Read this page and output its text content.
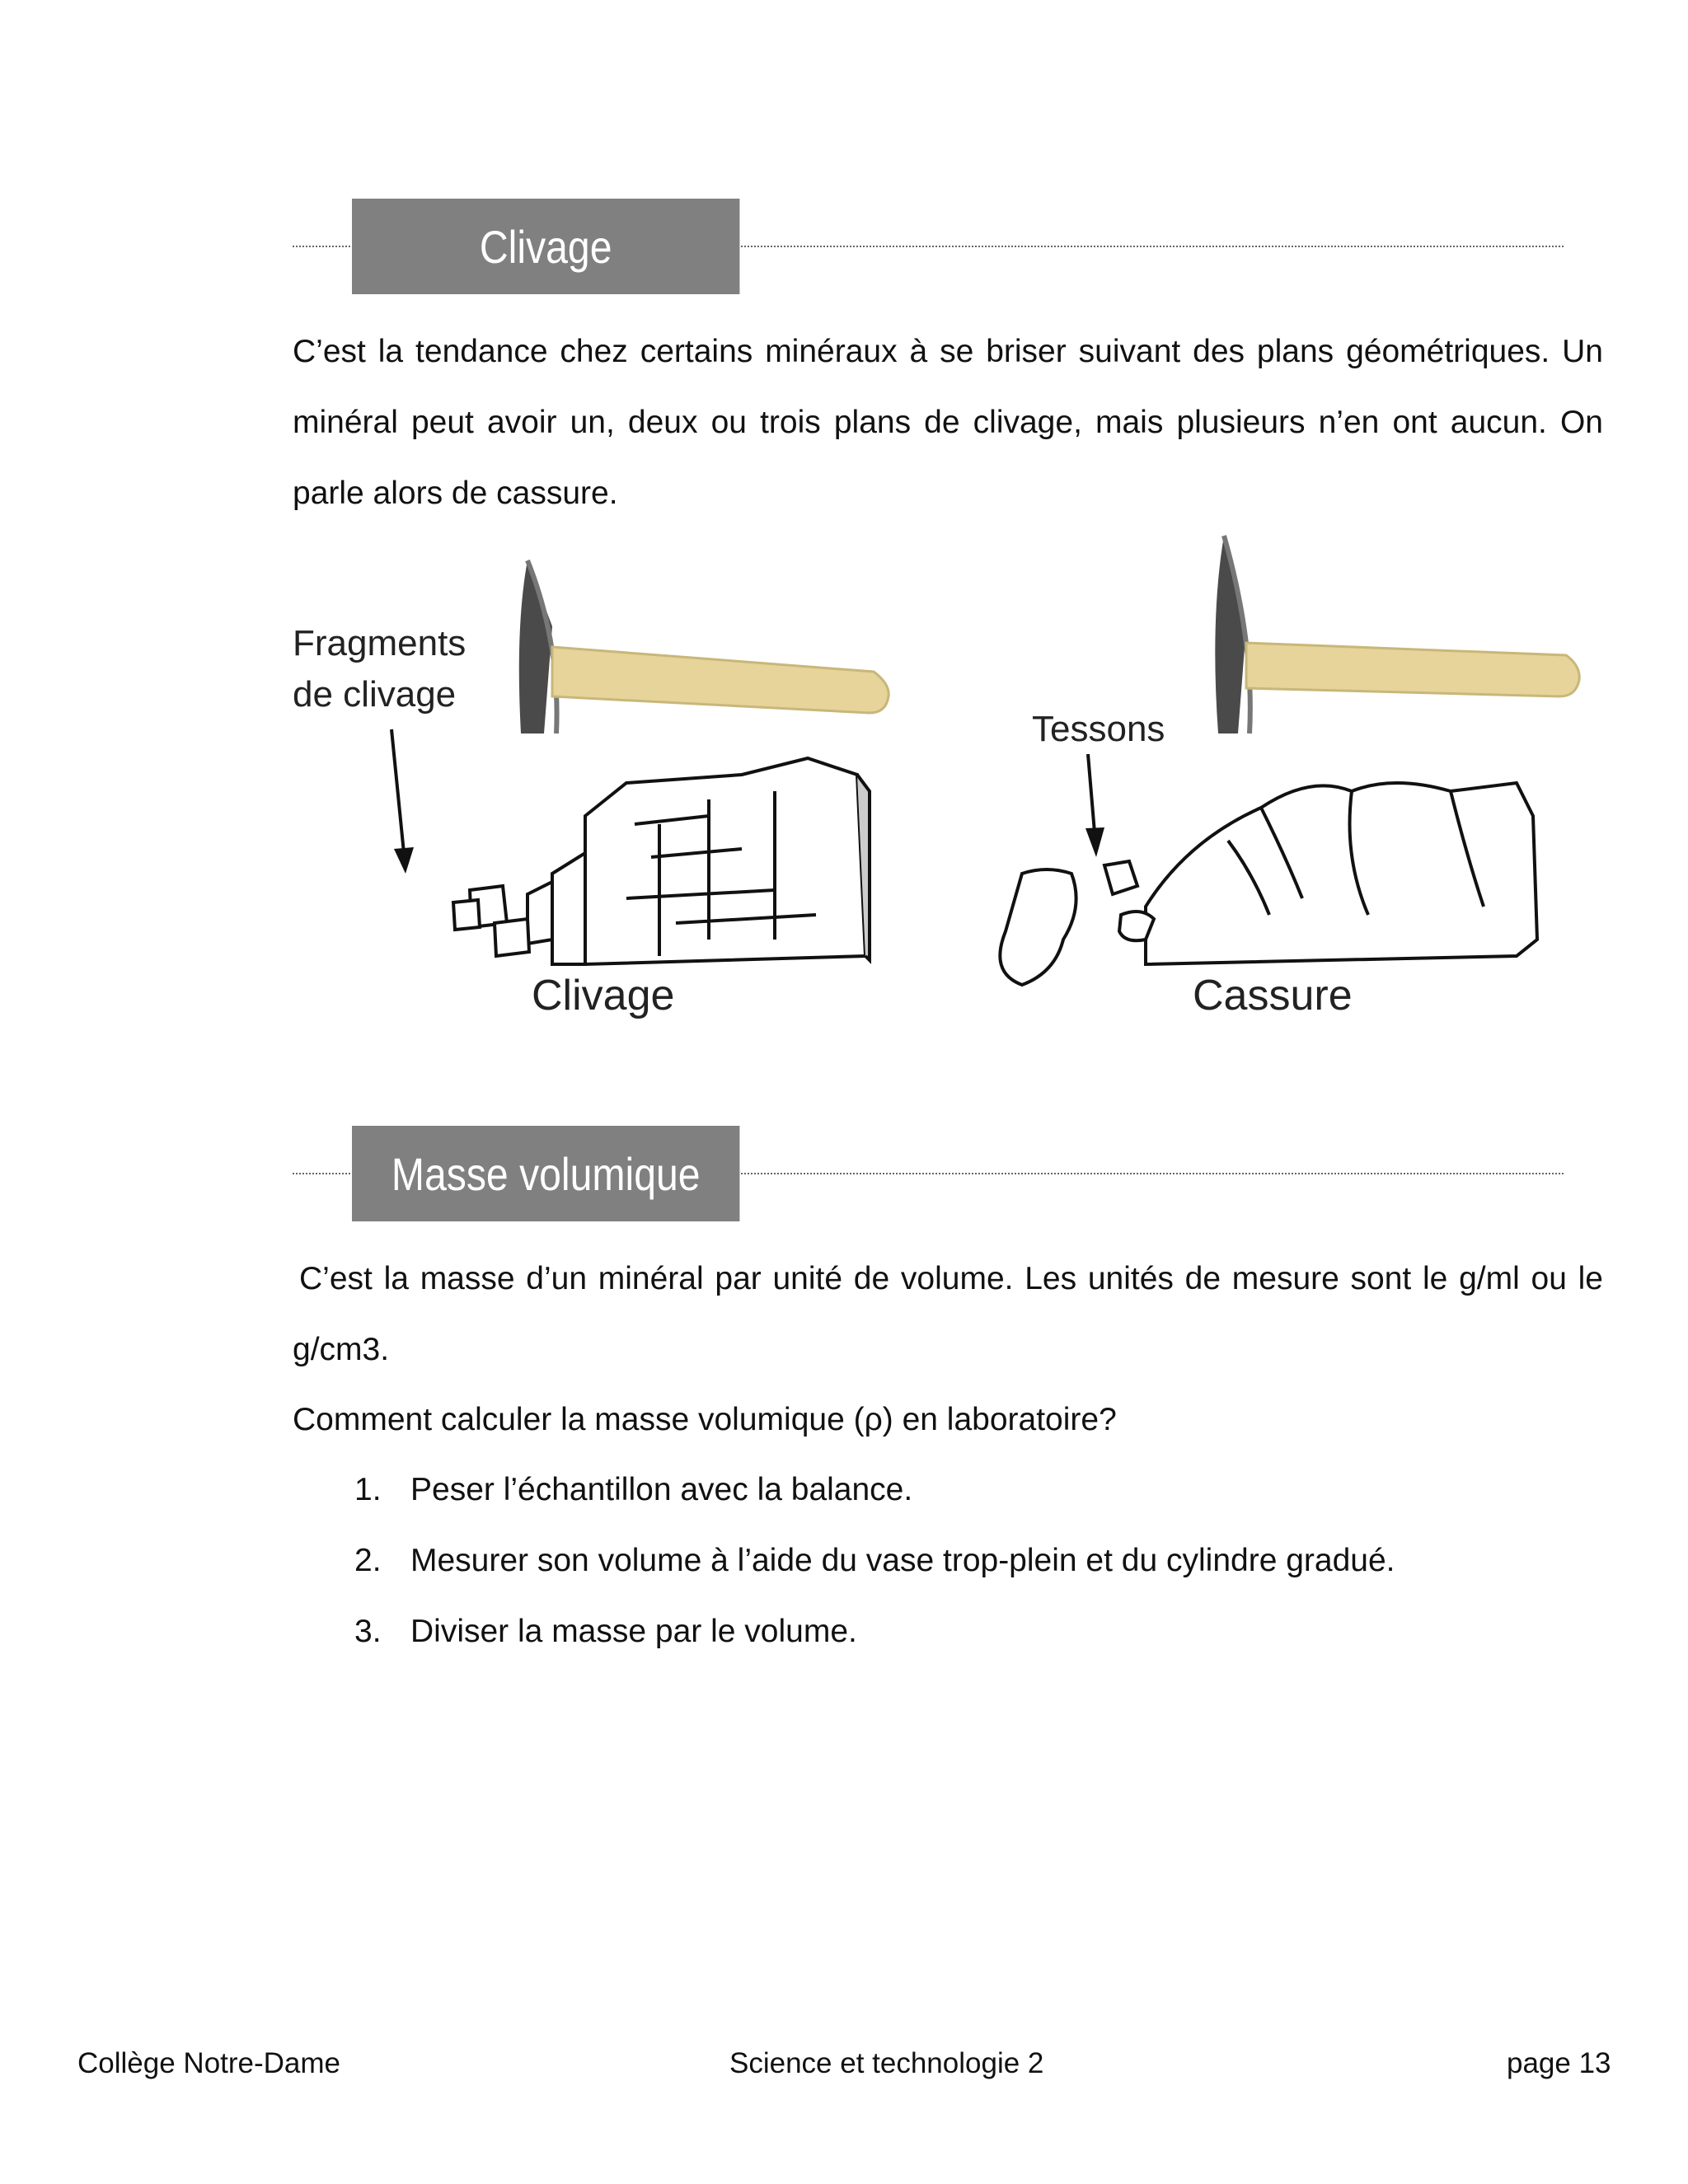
Clivage

C’est la tendance chez certains minéraux à se briser suivant des plans géométriques. Un minéral peut avoir un, deux ou trois plans de clivage, mais plusieurs n’en ont aucun. On parle alors de cassure.

Fragments
de clivage
Clivage
Tessons
Cassure
Masse volumique

C’est la masse d’un minéral par unité de volume. Les unités de mesure sont le g/ml ou le g/cm3.

Comment calculer la masse volumique (ρ) en laboratoire?

1. Peser l’échantillon avec la balance.
2. Mesurer son volume à l’aide du vase trop-plein et du cylindre gradué.
3. Diviser la masse par le volume.
Collège Notre-Dame	Science et technologie 2	page 13
